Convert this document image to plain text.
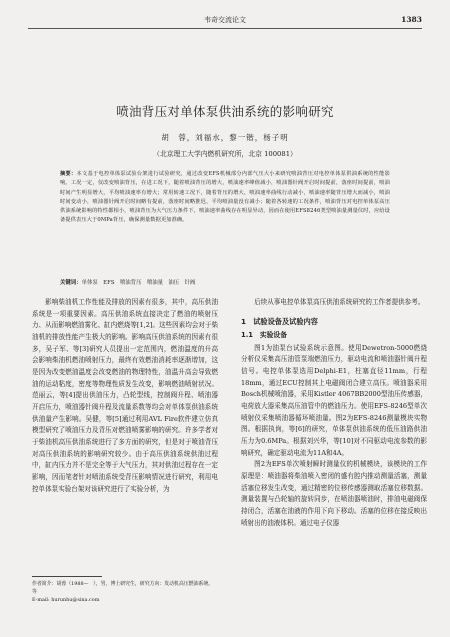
韦奇交流论文	1383
喷油背压对单体泵供油系统的影响研究
胡　蓉，刘福水，黎一锴，杨子明
（北京理工大学内燃机研究所，北京 100081）
摘要：本文基于电控单体泵试验台架进行试验研究，通过改变EFS机械部分内部气压大小来研究喷油背压对电控单体泵供油系统的性能影响。工况一定，仅改变喷油背压，在进工况下，随着喷油背压的增大，喷油速率峰值减小，喷油器针阀开启时间提前，落座时间提前，喷油时间产生明显增大，平均喷油速率有增大；常用转速工况下，随着背压的增大，喷油速率曲线行动减小，喷油速率随背压增大而减小，喷油时间变动小，喷油器针阀开启时间略有提前，落座时间略推迟，平均喷油量没有减小；随着各转速的工况条件，喷油背压对电控单体泵高压供油系统影响的特性都相小，喷油背压为大气压力条件下，喷油速率曲线存在明显异动，因而在使用EFS8246类型喷油量测量仪时，应给设备提供表压大于0MPa背压，确保测量数据更加准确。
关键词：单体泵　EFS　喷油背压　喷油量　油压　针阀

影响柴油机工作性能及排放的因素有很多，其中，高压供油系统是一项重要因素。高压供油系统直接决定了燃油的喷射压力、从而影响燃油雾化、缸内燃烧等[1,2]。这些因素均会对于柴油机的排放性能产生极大的影响。影响高压供油系统的因素有很多，吴子军、等[3]研究人员提出一定范围内，燃油温度的升高会影响柴油机燃油喷射压力，最终有效燃油消耗率逐渐增加，这是因为改变燃油温度会改变燃油的物理特性，油温升高会导致燃油的运动粘度，密度等物理性质发生改变，影响燃油喷射状况。范丽云，等[4]提出供油压力，凸轮型线，控制阀升程、喷油器开启压力，喷油器针阀升程及流量系数等均会对单体泵供油系统供油量产生影响。吴健，等[5]通过利用AVL Fire软件建立仿真模型研究了喷油压力及背压对燃油喷雾影响的研究。许多学者对于柴油机高压供油系统进行了多方面的研究，但是对于喷油背压对高压供油系统的影响研究较少。由于高压供油系统供油过程中，缸内压力并不是完全等于大气压力，其对供油过程存在一定影响，因而笔者针对喷油系统受背压影响情况进行研究，利用电控单体泵实验台架对该研究进行了实验分析，为

后续从事电控单体泵高压供油系统研究的工作者提供参考。

1　试验设备及试验内容
1.1　实验设备

图1为油泵台试验系统示意图。使用Dewetron-5000燃烧分析仪采集高压油管泵端燃油压力，驱动电流和喷油器针阀升程信号。电控单体泵选用Delphi-E1，柱塞直径11mm，行程18mm，通过ECU控制其上电磁阀闭合建立高压。喷油器采用Bosch机械喷油器，采用Kistler 4067BB2000型油压传感器，电荷放大器采集高压油管中的燃油压力。使用EFS-8246型单次喷射仪采集喷油器循环喷油量。图2为EFS-8246测量模块实物图。根据执询，等[6]的研究，单体泵供油系统的低压油路供油压力为0.6MPa。根据刘兴华，等[10]对不同驱动电流参数的影响研究，确定驱动电流为11A和4A。

图2为EFS单次喷射瞬时测量仪的机械模块，该模块的工作原理是：喷油器将柴油喷入密闭的盛有腔内推动测量活塞，测量活塞位移发生改变，通过精密的位移传感器测取活塞位移数据。测量装置与凸轮轴的旋转同步，在喷油器喷油时，排油电磁阀保持闭合，活塞在油液的作用下向下移动。活塞的位移在接反映出喷射出的油液体积。通过电子仪器

作者简介：胡蓉（1988—　），男，博士研究生，研究方向：发动机高压燃油系统。等
E-mail: hurunhu@sina.com
